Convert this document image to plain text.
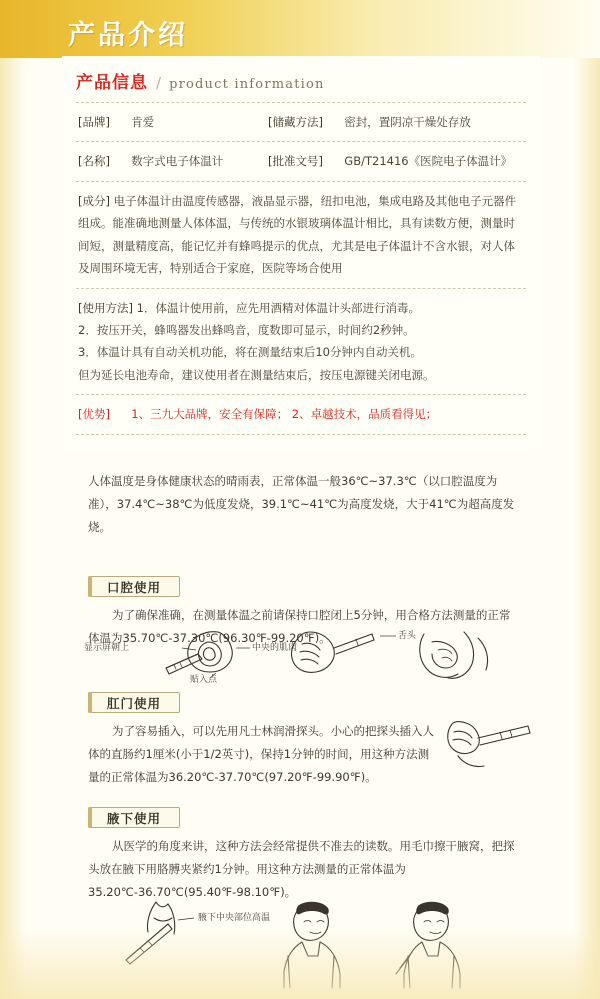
产品介绍
产品信息 / product information
[品牌] 肯爱	[储藏方法] 密封，置阴凉干燥处存放
[名称] 数字式电子体温计	[批准文号] GB/T21416《医院电子体温计》
[成分] 电子体温计由温度传感器，液晶显示器，纽扣电池，集成电路及其他电子元器件组成。能准确地测量人体体温，与传统的水银玻璃体温计相比，具有读数方便，测量时间短，测量精度高，能记忆并有蜂鸣提示的优点，尤其是电子体温计不含水银，对人体及周围环境无害，特别适合于家庭，医院等场合使用
[使用方法] 1．体温计使用前，应先用酒精对体温计头部进行消毒。
2．按压开关，蜂鸣器发出蜂鸣音，度数即可显示，时间约2秒钟。
3．体温计具有自动关机功能，将在测量结束后10分钟内自动关机。
但为延长电池寿命，建议使用者在测量结束后，按压电源键关闭电源。
[优势] 1、三九大品牌，安全有保障； 2、卓越技术，品质看得见；
人体温度是身体健康状态的晴雨表，正常体温一般36℃~37.3℃（以口腔温度为准），37.4℃~38℃为低度发烧，39.1℃~41℃为高度发烧，大于41℃为超高度发烧。
口腔使用
为了确保准确，在测量体温之前请保持口腔闭上5分钟，用合格方法测量的正常体温为35.70℃-37.30℃(96.30℉-99.20℉)。
显示屏朝上	中央的肌肉
舌头
贴入点
肛门使用
为了容易插入，可以先用凡士林润滑探头。小心的把探头插入人体的直肠约1厘米(小于1/2英寸)，保持1分钟的时间，用这种方法测量的正常体温为36.20℃-37.70℃(97.20℉-99.90℉)。
腋下使用
从医学的角度来讲，这种方法会经常提供不准去的读数。用毛巾擦干腋窝，把探头放在腋下用胳膊夹紧约1分钟。用这种方法测量的正常体温为35.20℃-36.70℃(95.40℉-98.10℉)。
腋下中央部位高温
